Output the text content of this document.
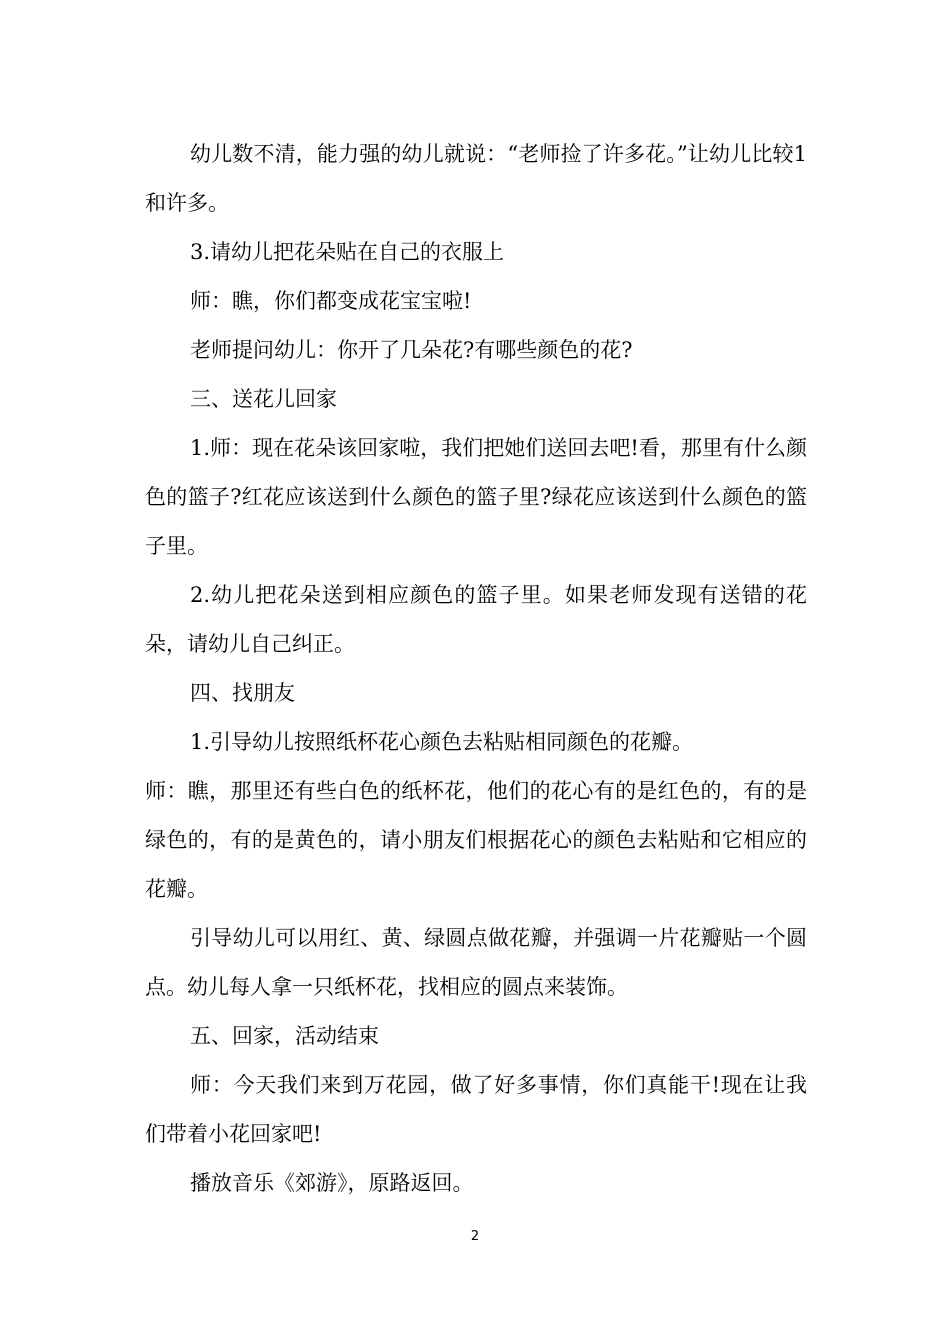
幼儿数不清，能力强的幼儿就说：“老师捡了许多花。”让幼儿比较1和许多。

3.请幼儿把花朵贴在自己的衣服上

师：瞧，你们都变成花宝宝啦!

老师提问幼儿：你开了几朵花?有哪些颜色的花?

三、送花儿回家

1.师：现在花朵该回家啦，我们把她们送回去吧!看，那里有什么颜色的篮子?红花应该送到什么颜色的篮子里?绿花应该送到什么颜色的篮子里。

2.幼儿把花朵送到相应颜色的篮子里。如果老师发现有送错的花朵，请幼儿自己纠正。

四、找朋友

1.引导幼儿按照纸杯花心颜色去粘贴相同颜色的花瓣。

师：瞧，那里还有些白色的纸杯花，他们的花心有的是红色的，有的是绿色的，有的是黄色的，请小朋友们根据花心的颜色去粘贴和它相应的花瓣。

引导幼儿可以用红、黄、绿圆点做花瓣，并强调一片花瓣贴一个圆点。幼儿每人拿一只纸杯花，找相应的圆点来装饰。

五、回家，活动结束

师：今天我们来到万花园，做了好多事情，你们真能干!现在让我们带着小花回家吧!

播放音乐《郊游》，原路返回。

2
